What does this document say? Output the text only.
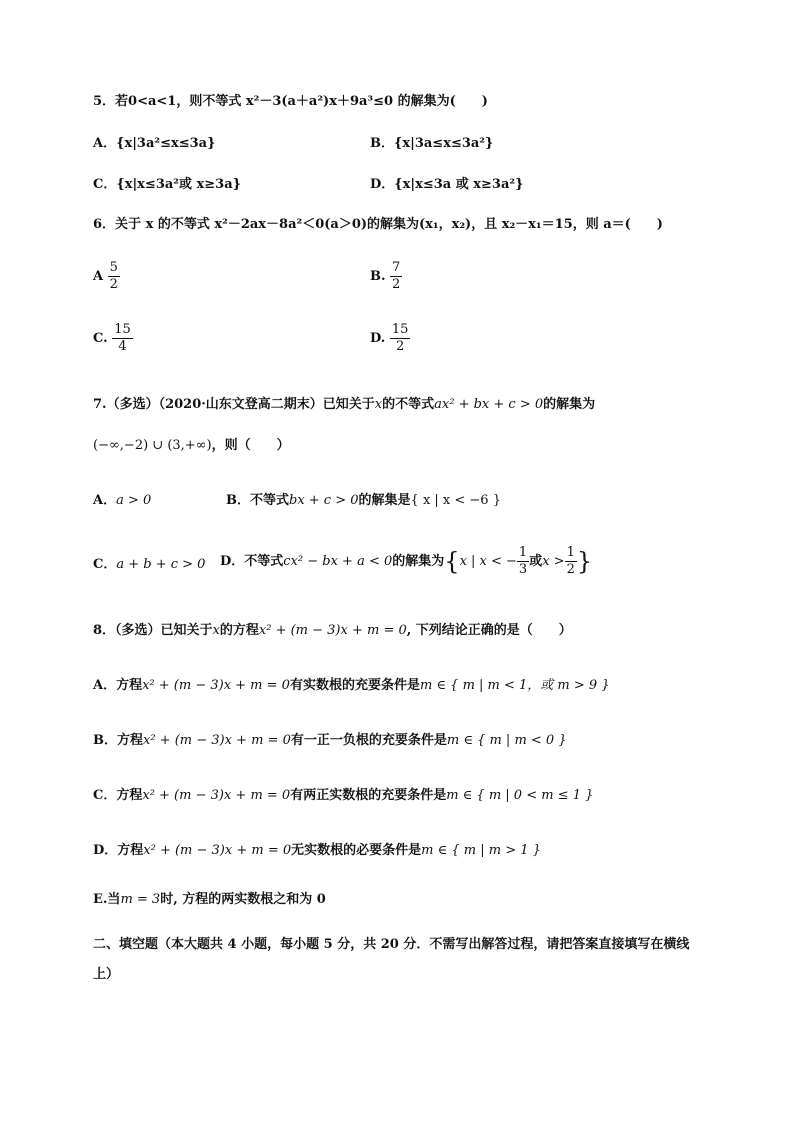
5．若0<a<1，则不等式 x²－3(a＋a²)x＋9a³≤0 的解集为(　　)
A．{x|3a²≤x≤3a}	B．{x|3a≤x≤3a²}
C．{x|x≤3a²或 x≥3a}	D．{x|x≤3a 或 x≥3a²}
6．关于 x 的不等式 x²－2ax－8a²＜0(a＞0)的解集为(x₁，x₂)，且 x₂－x₁＝15，则 a＝(　　)
A $\frac{5}{2}$	B. $\frac{7}{2}$
C. $\frac{15}{4}$	D. $\frac{15}{2}$
7.（多选）（2020·山东文登高二期末）已知关于x的不等式ax² + bx + c > 0的解集为
(−∞,−2) ∪ (3,+∞)，则（　　）
A．a > 0	B．不等式bx + c > 0的解集是{ x | x < −6 }
C．a + b + c > 0 D．不等式cx² − bx + a < 0的解集为{x | x < − $\frac{1}{3}$ 或$x > \frac{1}{2}$ }
8．（多选）已知关于x的方程x² + (m − 3)x + m = 0, 下列结论正确的是（　　）
A．方程x² + (m − 3)x + m = 0有实数根的充要条件是m ∈ { m | m < 1，或 m > 9 }
B．方程x² + (m − 3)x + m = 0有一正一负根的充要条件是m ∈ { m | m < 0 }
C．方程x² + (m − 3)x + m = 0有两正实数根的充要条件是m ∈ { m | 0 < m ≤ 1 }
D．方程x² + (m − 3)x + m = 0无实数根的必要条件是m ∈ { m | m > 1 }
E.当m = 3时, 方程的两实数根之和为 0
二、填空题（本大题共 4 小题，每小题 5 分，共 20 分．不需写出解答过程，请把答案直接填写在横线上）
